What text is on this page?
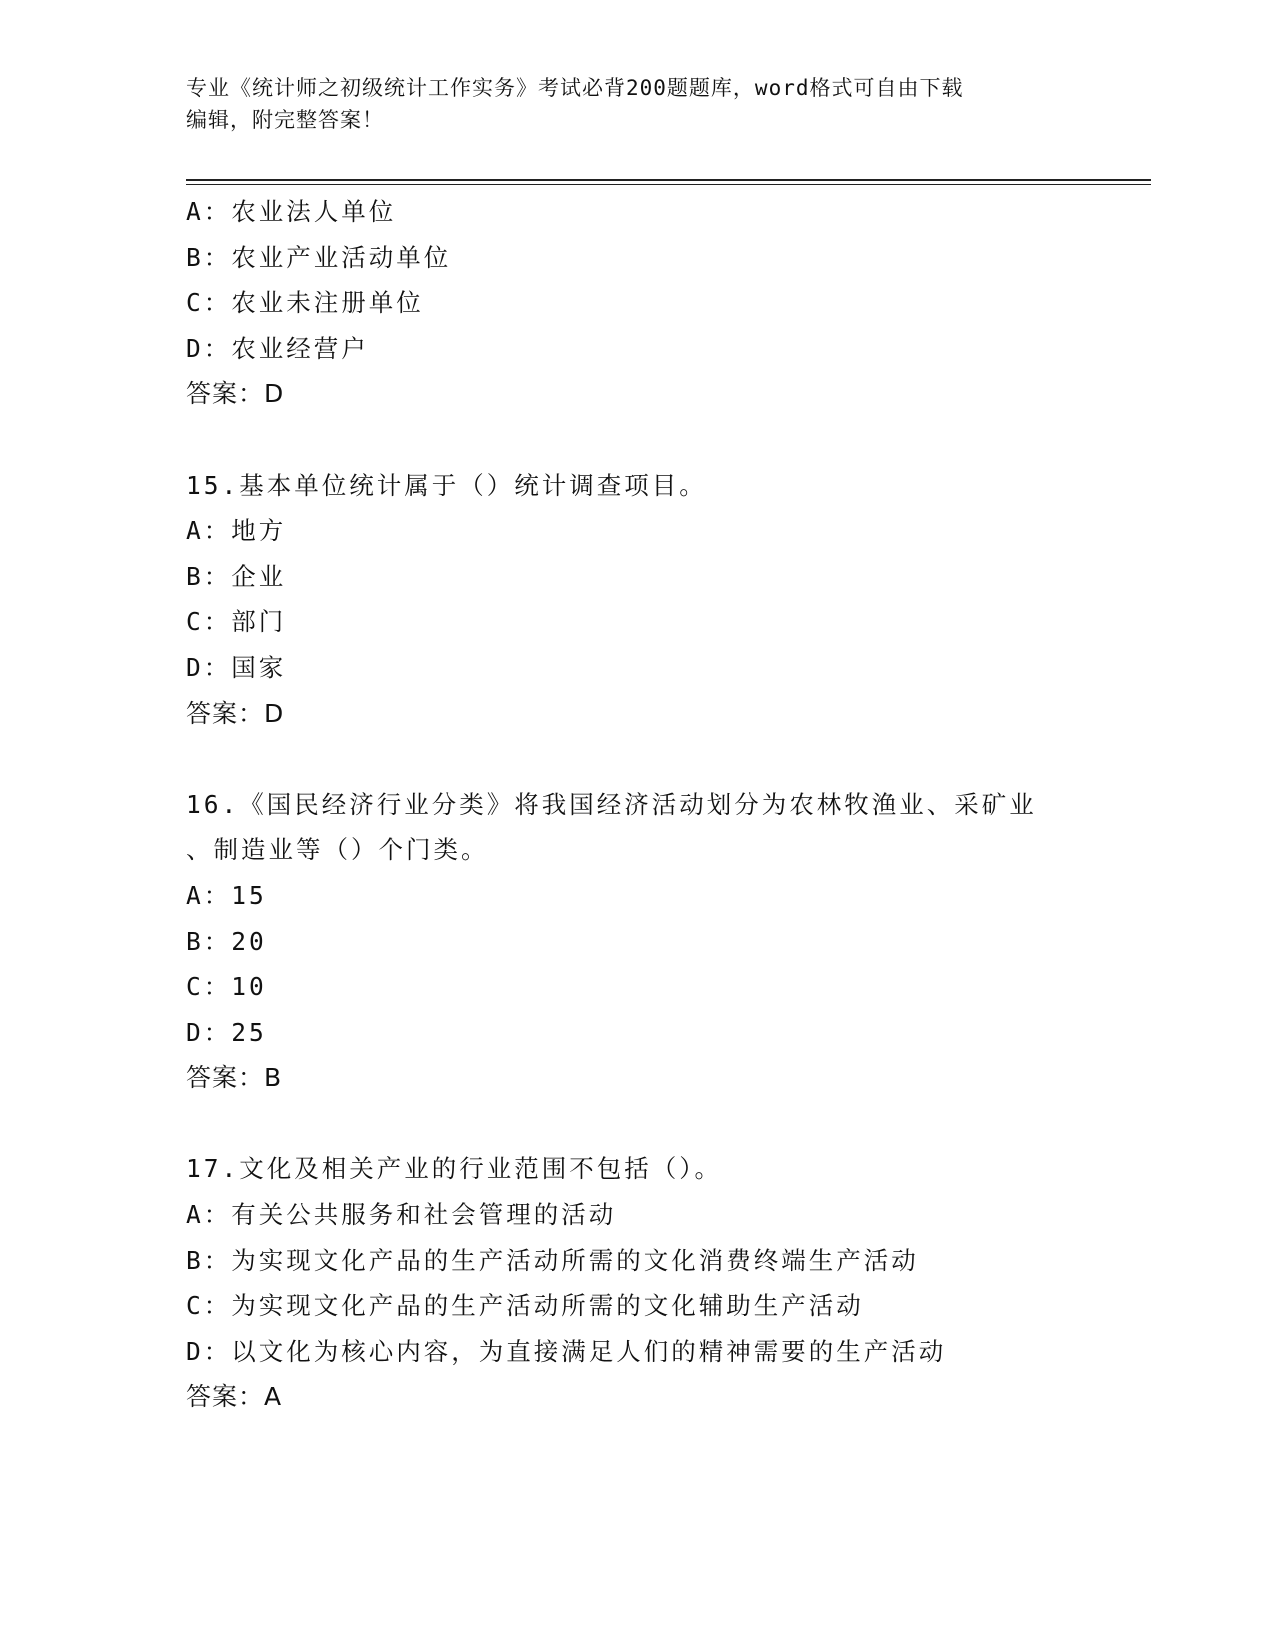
专业《统计师之初级统计工作实务》考试必背200题题库，word格式可自由下载
编辑，附完整答案！
A：农业法人单位
B：农业产业活动单位
C：农业未注册单位
D：农业经营户
答案：D
15.基本单位统计属于（）统计调查项目。
A：地方
B：企业
C：部门
D：国家
答案：D
16.《国民经济行业分类》将我国经济活动划分为农林牧渔业、采矿业
、制造业等（）个门类。
A：15
B：20
C：10
D：25
答案：B
17.文化及相关产业的行业范围不包括（）。
A：有关公共服务和社会管理的活动
B：为实现文化产品的生产活动所需的文化消费终端生产活动
C：为实现文化产品的生产活动所需的文化辅助生产活动
D：以文化为核心内容，为直接满足人们的精神需要的生产活动
答案：A
